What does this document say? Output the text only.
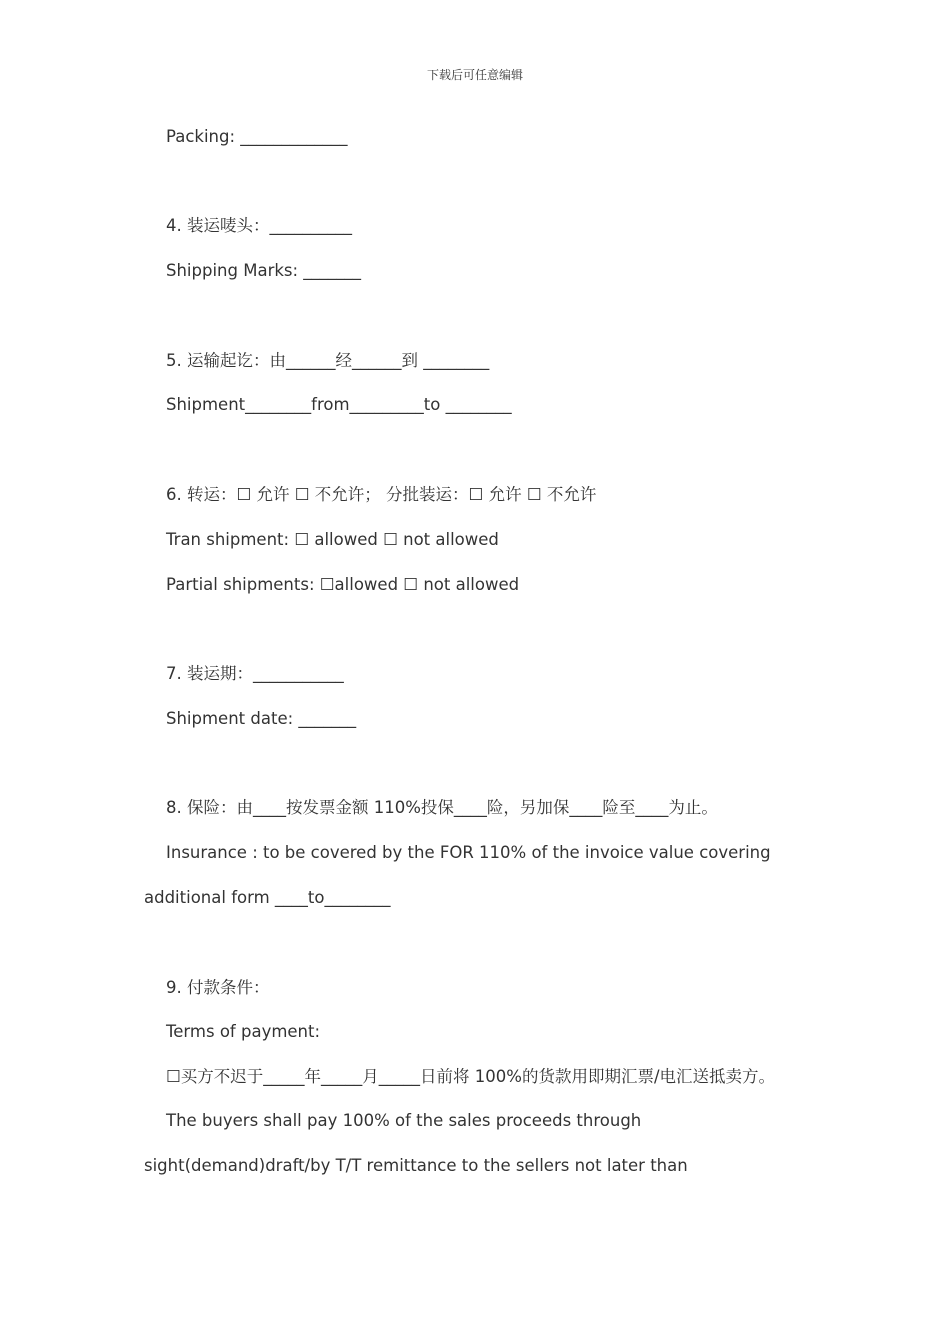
下载后可任意编辑
Packing: _____________
4. 装运唛头：__________
Shipping Marks: _______
5. 运输起讫：由______经______到 ________
Shipment________from_________to ________
6. 转运：☐ 允许 ☐ 不允许； 分批装运：☐ 允许 ☐ 不允许
Tran shipment: ☐ allowed ☐ not allowed
Partial shipments: ☐allowed ☐ not allowed
7. 装运期：___________
Shipment date: _______
8. 保险：由____按发票金额 110%投保____险，另加保____险至____为止。
Insurance : to be covered by the FOR 110% of the invoice value covering
additional form ____to________
9. 付款条件：
Terms of payment:
☐买方不迟于_____年_____月_____日前将 100%的货款用即期汇票/电汇送抵卖方。
The buyers shall pay 100% of the sales proceeds through
sight(demand)draft/by T/T remittance to the sellers not later than
